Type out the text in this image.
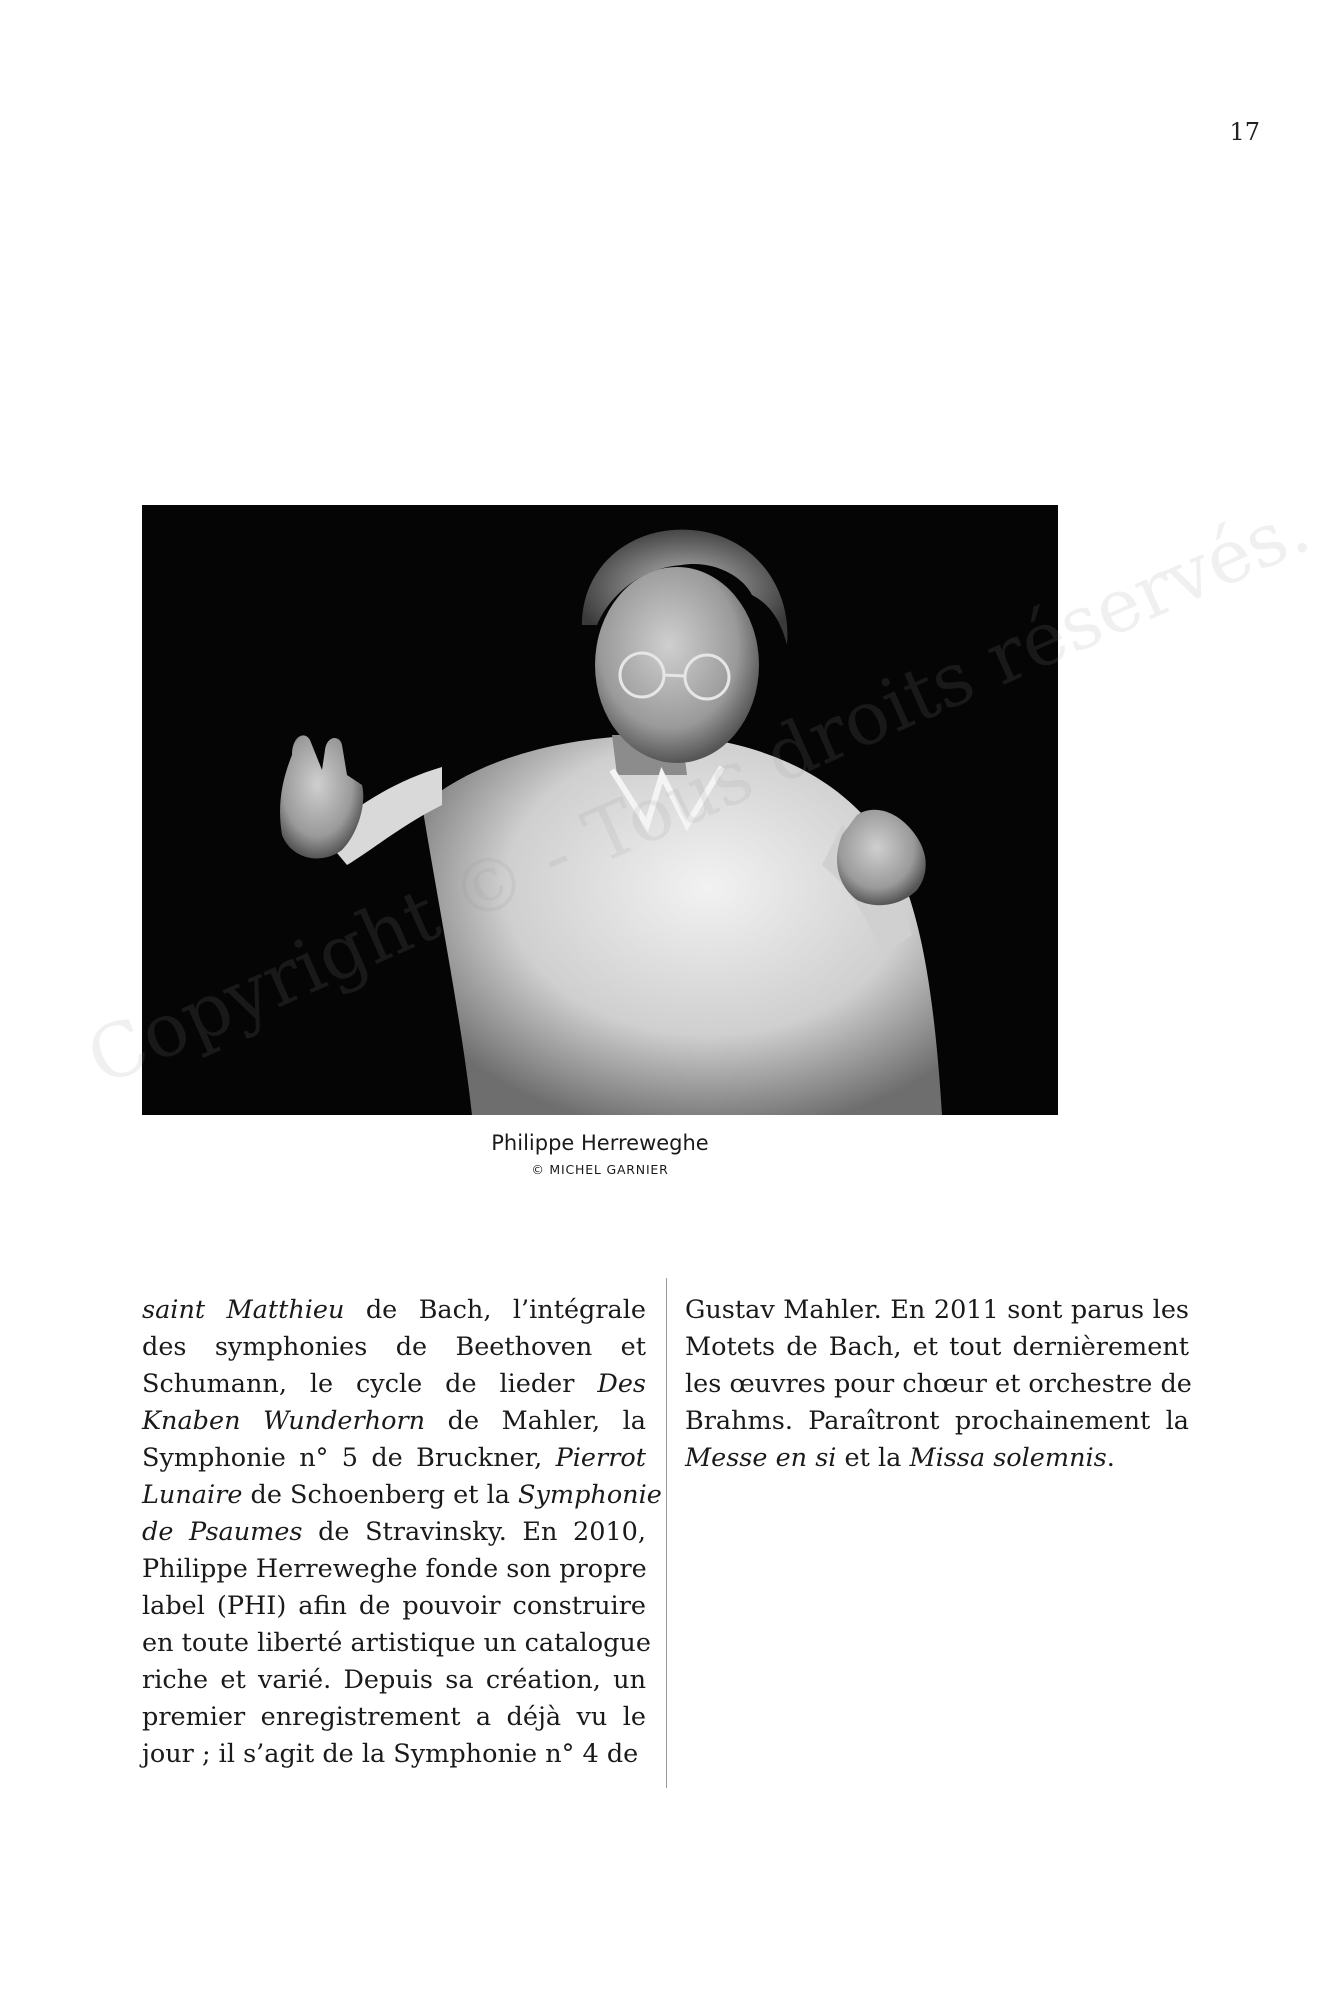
17
Philippe Herreweghe
© MICHEL GARNIER
réservés.
saint Matthieu de Bach, l’intégrale
des symphonies de Beethoven et
Schumann, le cycle de lieder Des
Knaben Wunderhorn de Mahler, la
Symphonie n° 5 de Bruckner, Pierrot
Lunaire de Schoenberg et la Symphonie
de Psaumes de Stravinsky. En 2010,
Philippe Herreweghe fonde son propre
label (PHI) afin de pouvoir construire
en toute liberté artistique un catalogue
riche et varié. Depuis sa création, un
premier enregistrement a déjà vu le
jour ; il s’agit de la Symphonie n° 4 de
Gustav Mahler. En 2011 sont parus les
Motets de Bach, et tout dernièrement
les œuvres pour chœur et orchestre de
Brahms. Paraîtront prochainement la
Messe en si et la Missa solemnis.
